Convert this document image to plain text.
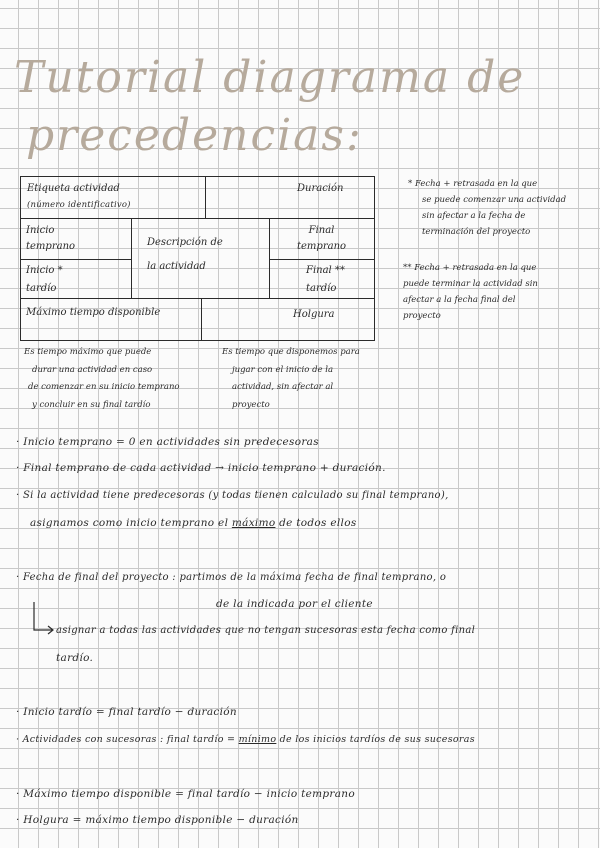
Tutorial diagrama de
precedencias:
Etiqueta actividad
(número identificativo)
Duración
Inicio
temprano	Descripción de
la actividad
Final
temprano
Inicio *
tardío
Final **
tardío
Máximo tiempo disponible	Holgura
* Fecha + retrasada en la que
se puede comenzar una actividad
sin afectar a la fecha de
terminación del proyecto
** Fecha + retrasada en la que
puede terminar la actividad sin
afectar a la fecha final del
proyecto
Es tiempo máximo que puede
durar una actividad en caso
de comenzar en su inicio temprano
y concluir en su final tardío
Es tiempo que disponemos para
jugar con el inicio de la
actividad, sin afectar al
proyecto
· Inicio temprano = 0 en actividades sin predecesoras
· Final temprano de cada actividad → inicio temprano + duración.
· Si la actividad tiene predecesoras (y todas tienen calculado su final temprano),
asignamos como inicio temprano el máximo de todos ellos
· Fecha de final del proyecto : partimos de la máxima fecha de final temprano, o
de la indicada por el cliente
asignar a todas las actividades que no tengan sucesoras esta fecha como final
tardío.
· Inicio tardío = final tardío − duración
· Actividades con sucesoras : final tardío = mínimo de los inicios tardíos de sus sucesoras
· Máximo tiempo disponible = final tardío − inicio temprano
· Holgura = máximo tiempo disponible − duración
